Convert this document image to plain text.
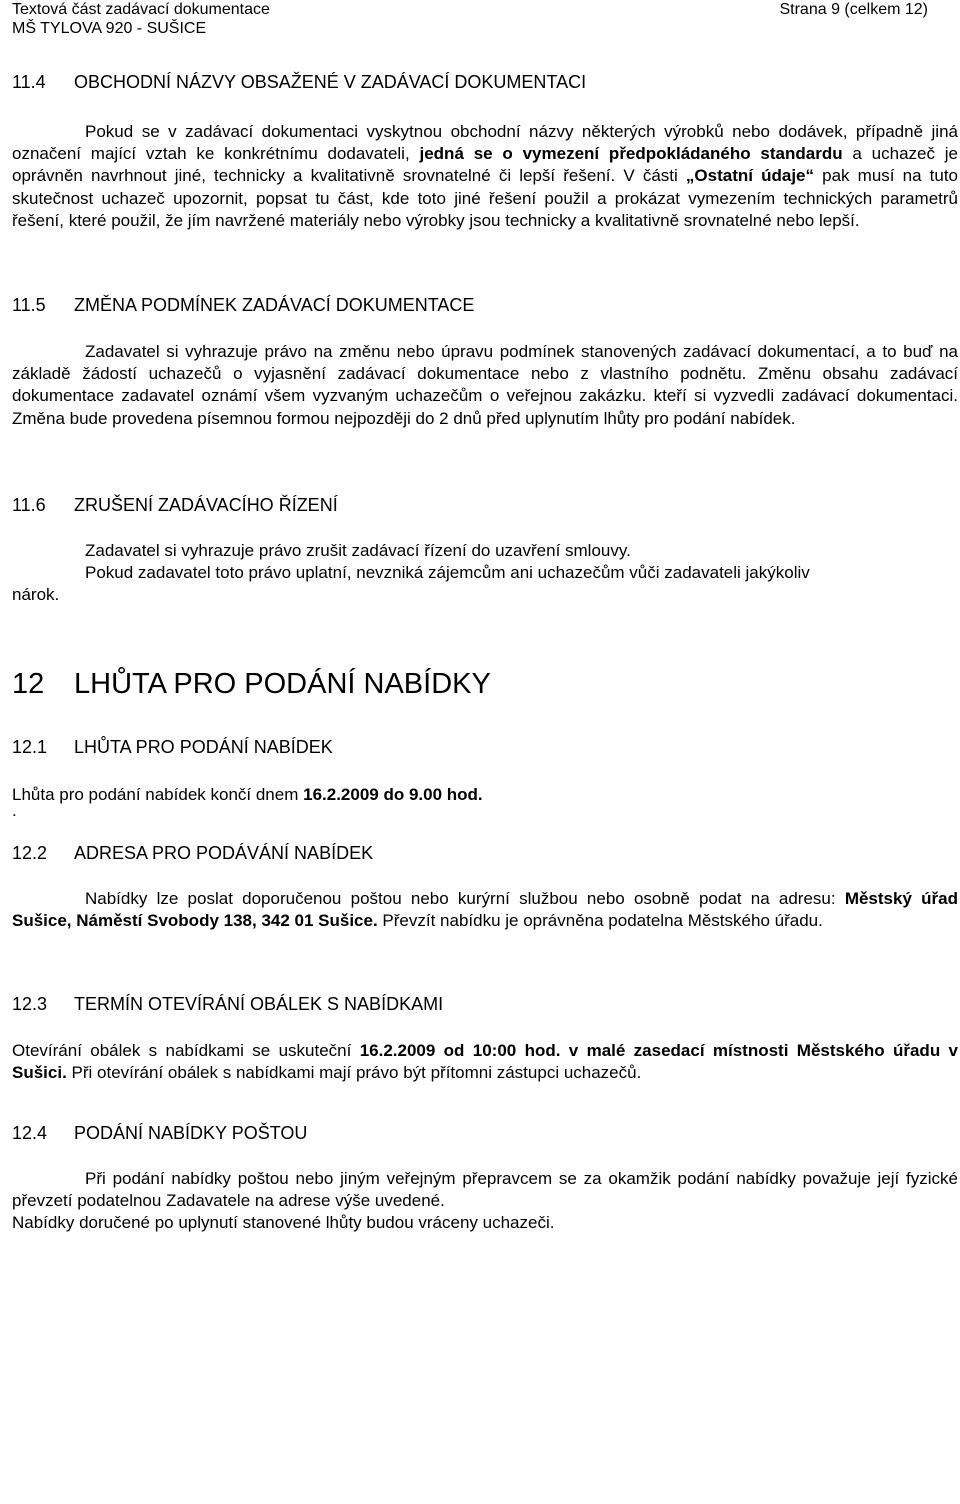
Textová část zadávací dokumentace
MŠ TYLOVA 920 - SUŠICE
Strana 9 (celkem 12)
11.4 OBCHODNÍ NÁZVY OBSAŽENÉ V ZADÁVACÍ DOKUMENTACI
Pokud se v zadávací dokumentaci vyskytnou obchodní názvy některých výrobků nebo dodávek, případně jiná označení mající vztah ke konkrétnímu dodavateli, jedná se o vymezení předpokládaného standardu a uchazeč je oprávněn navrhnout jiné, technicky a kvalitativně srovnatelné či lepší řešení. V části „Ostatní údaje“ pak musí na tuto skutečnost uchazeč upozornit, popsat tu část, kde toto jiné řešení použil a prokázat vymezením technických parametrů řešení, které použil, že jím navržené materiály nebo výrobky jsou technicky a kvalitativně srovnatelné nebo lepší.
11.5 ZMĚNA PODMÍNEK ZADÁVACÍ DOKUMENTACE
Zadavatel si vyhrazuje právo na změnu nebo úpravu podmínek stanovených zadávací dokumentací, a to buď na základě žádostí uchazečů o vyjasnění zadávací dokumentace nebo z vlastního podnětu. Změnu obsahu zadávací dokumentace zadavatel oznámí všem vyzvaným uchazečům o veřejnou zakázku. kteří si vyzvedli zadávací dokumentaci. Změna bude provedena písemnou formou nejpozději do 2 dnů před uplynutím lhůty pro podání nabídek.
11.6 ZRUŠENÍ ZADÁVACÍHO ŘÍZENÍ
Zadavatel si vyhrazuje právo zrušit zadávací řízení do uzavření smlouvy.
Pokud zadavatel toto právo uplatní, nevzniká zájemcům ani uchazečům vůči zadavateli jakýkoliv
nárok.
12 LHŮTA PRO PODÁNÍ NABÍDKY
12.1 LHŮTA PRO PODÁNÍ NABÍDEK
Lhůta pro podání nabídek končí dnem 16.2.2009 do 9.00 hod.
.
12.2 ADRESA PRO PODÁVÁNÍ NABÍDEK
Nabídky lze poslat doporučenou poštou nebo kurýrní službou nebo osobně podat na adresu: Městský úřad Sušice, Náměstí Svobody 138, 342 01 Sušice. Převzít nabídku je oprávněna podatelna Městského úřadu.
12.3 TERMÍN OTEVÍRÁNÍ OBÁLEK S NABÍDKAMI
Otevírání obálek s nabídkami se uskuteční 16.2.2009 od 10:00 hod. v malé zasedací místnosti Městského úřadu v Sušici. Při otevírání obálek s nabídkami mají právo být přítomni zástupci uchazečů.
12.4 PODÁNÍ NABÍDKY POŠTOU
Při podání nabídky poštou nebo jiným veřejným přepravcem se za okamžik podání nabídky považuje její fyzické převzetí podatelnou Zadavatele na adrese výše uvedené.
Nabídky doručené po uplynutí stanovené lhůty budou vráceny uchazeči.
